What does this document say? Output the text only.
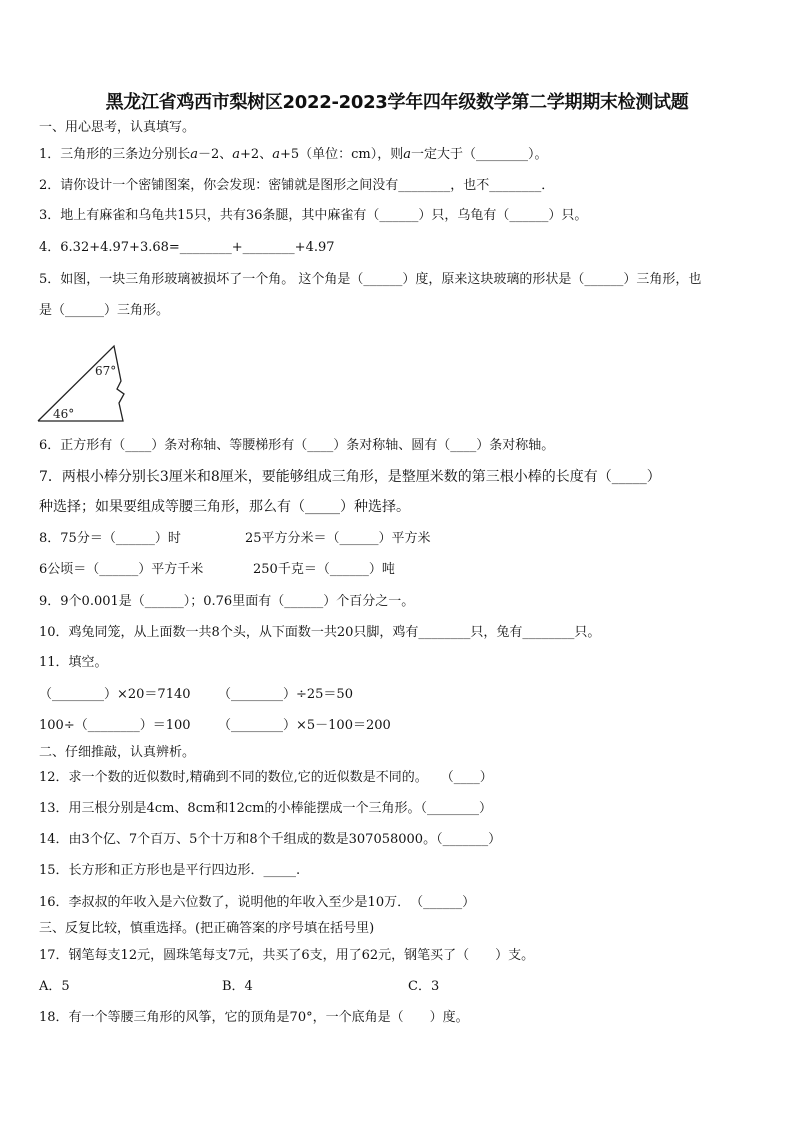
黑龙江省鸡西市梨树区2022-2023学年四年级数学第二学期期末检测试题
一、用心思考，认真填写。
1．三角形的三条边分别长𝑎－2、𝑎+2、𝑎+5（单位：cm），则𝑎一定大于（________）。
2．请你设计一个密铺图案，你会发现：密铺就是图形之间没有________，也不________．
3．地上有麻雀和乌龟共15只，共有36条腿，其中麻雀有（______）只，乌龟有（______）只。
4．6.32+4.97+3.68=________+________+4.97
5．如图，一块三角形玻璃被损坏了一个角。 这个角是（______）度，原来这块玻璃的形状是（______）三角形，也
是（______）三角形。
67°
46°
6．正方形有（____）条对称轴、等腰梯形有（____）条对称轴、圆有（____）条对称轴。
7．两根小棒分别长3厘米和8厘米，要能够组成三角形，是整厘米数的第三根小棒的长度有（_____）
种选择；如果要组成等腰三角形，那么有（_____）种选择。
8．75分＝（______）时	25平方分米＝（______）平方米
6公顷＝（______）平方千米	250千克＝（______）吨
9．9个0.001是（______）；0.76里面有（______）个百分之一。
10．鸡兔同笼，从上面数一共8个头，从下面数一共20只脚，鸡有________只，兔有________只。
11．填空。
（________）×20＝7140 （________）÷25＝50
100÷（________）＝100 （________）×5－100＝200
二、仔细推敲，认真辨析。
12．求一个数的近似数时,精确到不同的数位,它的近似数是不同的。　　（____）
13．用三根分别是4cm、8cm和12cm的小棒能摆成一个三角形。（________）
14．由3个亿、7个百万、5个十万和8个千组成的数是307058000。（_______）
15．长方形和正方形也是平行四边形．_____.
16．李叔叔的年收入是六位数了，说明他的年收入至少是10万．　（______）
三、反复比较，慎重选择。(把正确答案的序号填在括号里)
17．钢笔每支12元，圆珠笔每支7元，共买了6支，用了62元，钢笔买了（　　）支。
A．5	B．4	C．3
18．有一个等腰三角形的风筝，它的顶角是70°，一个底角是（　　）度。
